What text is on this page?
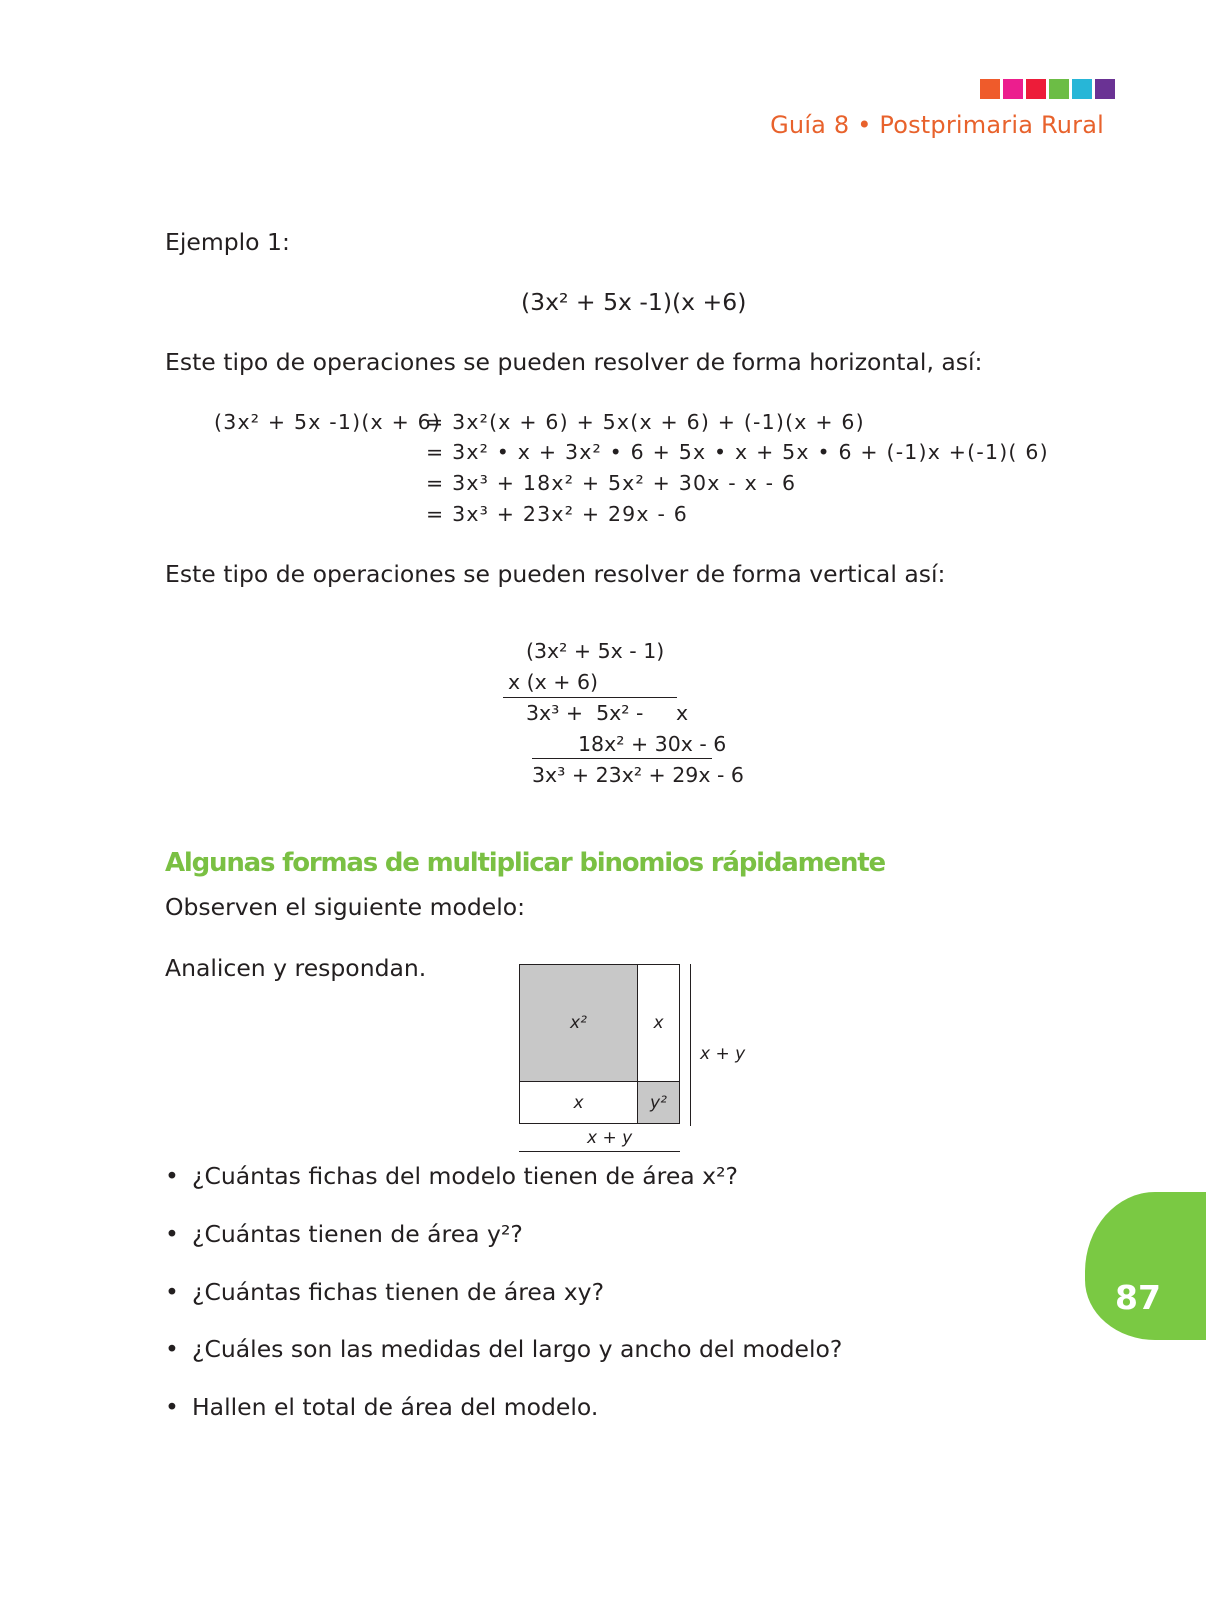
Guía 8 • Postprimaria Rural
Ejemplo 1:
(3x² + 5x -1)(x +6)
Este tipo de operaciones se pueden resolver de forma horizontal, así:
(3x² + 5x -1)(x + 6)
= 3x²(x + 6) + 5x(x + 6) + (-1)(x + 6)
= 3x² • x + 3x² • 6 + 5x • x + 5x • 6 + (-1)x +(-1)( 6)
= 3x³ + 18x² + 5x² + 30x - x - 6
= 3x³ + 23x² + 29x - 6
Este tipo de operaciones se pueden resolver de forma vertical así:
(3x² + 5x - 1)
x (x + 6)
3x³ +  5x² -     x
18x² + 30x - 6
3x³ + 23x² + 29x - 6
Algunas formas de multiplicar binomios rápidamente
Observen el siguiente modelo:
Analicen y respondan.
x²	x
x	y²
x + y
x + y
• ¿Cuántas fichas del modelo tienen de área x²?
• ¿Cuántas tienen de área y²?
• ¿Cuántas fichas tienen de área xy?
• ¿Cuáles son las medidas del largo y ancho del modelo?
• Hallen el total de área del modelo.
87
